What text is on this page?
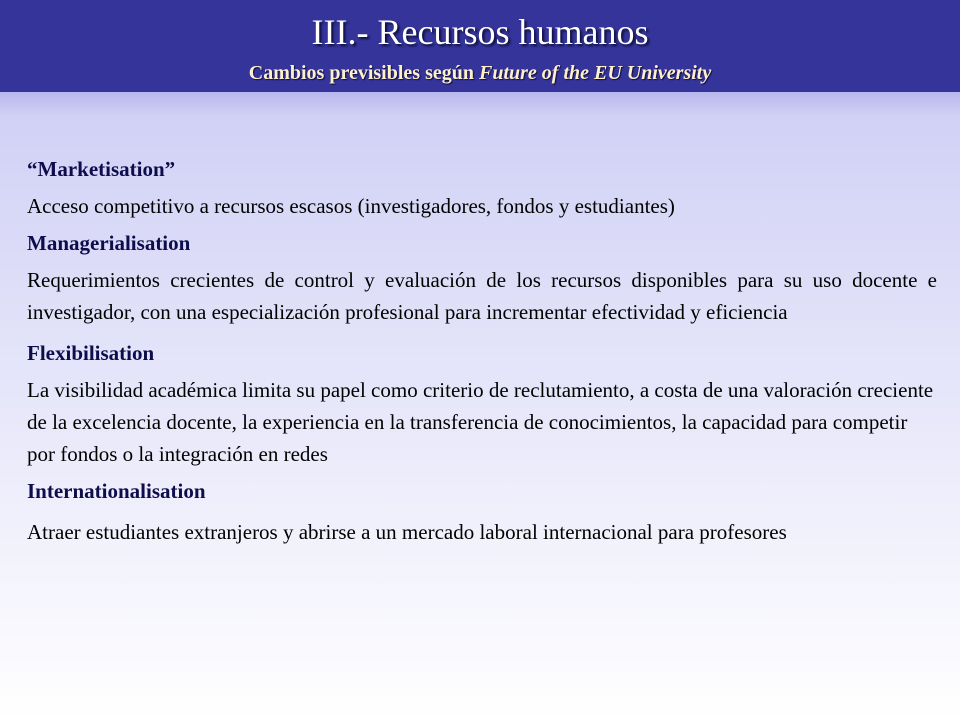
III.- Recursos humanos
Cambios previsibles según Future of the EU University

“Marketisation”

Acceso competitivo a recursos escasos (investigadores, fondos y estudiantes)

Managerialisation

Requerimientos crecientes de control y evaluación de los recursos disponibles para su uso docente e investigador, con una especialización profesional para incrementar efectividad y eficiencia

Flexibilisation

La visibilidad académica limita su papel como criterio de reclutamiento, a costa de una valoración creciente de la excelencia docente, la experiencia en la transferencia de conocimientos, la capacidad para competir por fondos o la integración en redes

Internationalisation

Atraer estudiantes extranjeros y abrirse a un mercado laboral internacional para profesores
